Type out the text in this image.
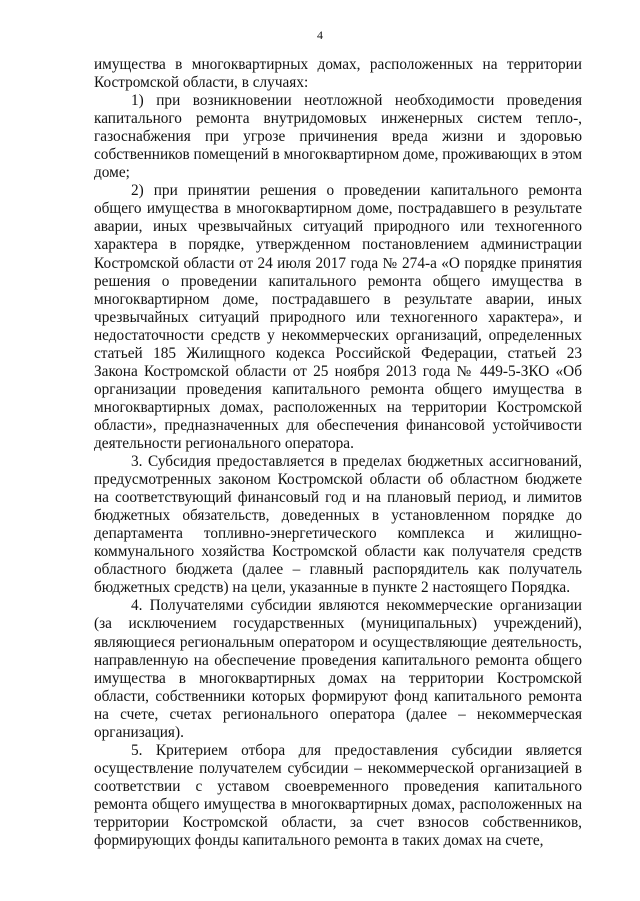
4

имущества в многоквартирных домах, расположенных на территории Костромской области, в случаях:

1) при возникновении неотложной необходимости проведения капитального ремонта внутридомовых инженерных систем тепло-, газоснабжения при угрозе причинения вреда жизни и здоровью собственников помещений в многоквартирном доме, проживающих в этом доме;

2) при принятии решения о проведении капитального ремонта общего имущества в многоквартирном доме, пострадавшего в результате аварии, иных чрезвычайных ситуаций природного или техногенного характера в порядке, утвержденном постановлением администрации Костромской области от 24 июля 2017 года № 274-а «О порядке принятия решения о проведении капитального ремонта общего имущества в многоквартирном доме, пострадавшего в результате аварии, иных чрезвычайных ситуаций природного или техногенного характера», и недостаточности средств у некоммерческих организаций, определенных статьей 185 Жилищного кодекса Российской Федерации, статьей 23 Закона Костромской области от 25 ноября 2013 года № 449-5-ЗКО «Об организации проведения капитального ремонта общего имущества в многоквартирных домах, расположенных на территории Костромской области», предназначенных для обеспечения финансовой устойчивости деятельности регионального оператора.

3. Субсидия предоставляется в пределах бюджетных ассигнований, предусмотренных законом Костромской области об областном бюджете на соответствующий финансовый год и на плановый период, и лимитов бюджетных обязательств, доведенных в установленном порядке до департамента топливно-энергетического комплекса и жилищно-коммунального хозяйства Костромской области как получателя средств областного бюджета (далее – главный распорядитель как получатель бюджетных средств) на цели, указанные в пункте 2 настоящего Порядка.

4. Получателями субсидии являются некоммерческие организации (за исключением государственных (муниципальных) учреждений), являющиеся региональным оператором и осуществляющие деятельность, направленную на обеспечение проведения капитального ремонта общего имущества в многоквартирных домах на территории Костромской области, собственники которых формируют фонд капитального ремонта на счете, счетах регионального оператора (далее – некоммерческая организация).

5. Критерием отбора для предоставления субсидии является осуществление получателем субсидии – некоммерческой организацией в соответствии с уставом своевременного проведения капитального ремонта общего имущества в многоквартирных домах, расположенных на территории Костромской области, за счет взносов собственников, формирующих фонды капитального ремонта в таких домах на счете,
